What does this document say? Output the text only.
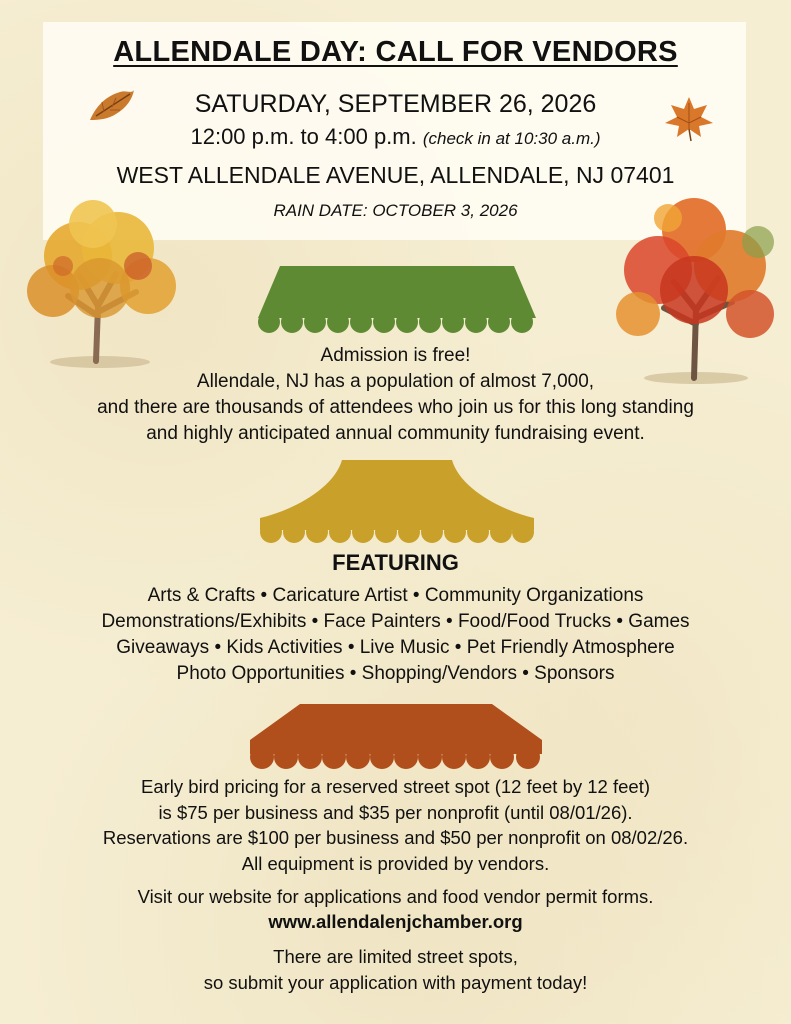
ALLENDALE DAY: CALL FOR VENDORS
SATURDAY, SEPTEMBER 26, 2026
12:00 p.m. to 4:00 p.m. (check in at 10:30 a.m.)
WEST ALLENDALE AVENUE, ALLENDALE, NJ 07401
RAIN DATE: OCTOBER 3, 2026
Admission is free!
Allendale, NJ has a population of almost 7,000,
and there are thousands of attendees who join us for this long standing
and highly anticipated annual community fundraising event.
FEATURING
Arts & Crafts • Caricature Artist • Community Organizations
Demonstrations/Exhibits • Face Painters • Food/Food Trucks • Games
Giveaways • Kids Activities • Live Music • Pet Friendly Atmosphere
Photo Opportunities • Shopping/Vendors • Sponsors
Early bird pricing for a reserved street spot (12 feet by 12 feet)
is $75 per business and $35 per nonprofit (until 08/01/26).
Reservations are $100 per business and $50 per nonprofit on 08/02/26.
All equipment is provided by vendors.
Visit our website for applications and food vendor permit forms.
www.allendalenjchamber.org
There are limited street spots,
so submit your application with payment today!
